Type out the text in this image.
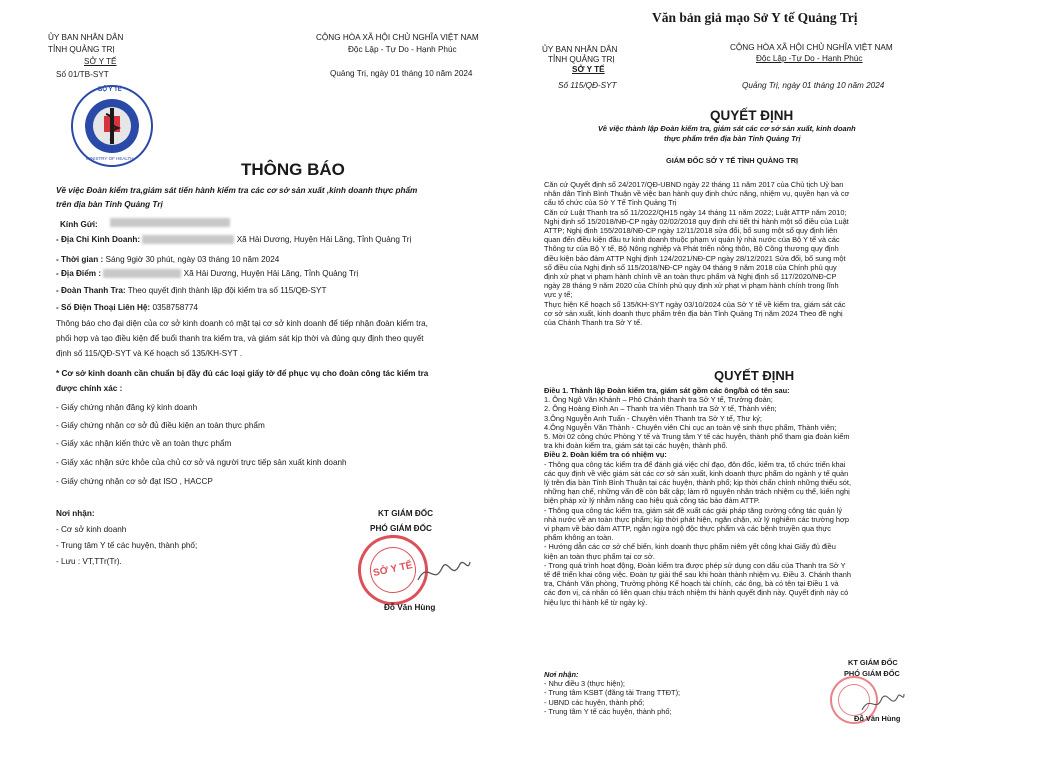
Văn bản giả mạo Sở Y tế Quảng Trị
ỦY BAN NHÂN DÂN
TỈNH QUẢNG TRỊ
SỞ Y TẾ
Số 01/TB-SYT
CỘNG HÒA XÃ HỘI CHỦ NGHĨA VIỆT NAM
Độc Lập - Tự Do - Hạnh Phúc
Quảng Trị, ngày 01 tháng 10 năm 2024
BỘ Y TẾ
MINISTRY OF HEALTH
THÔNG BÁO
Về việc Đoàn kiểm tra,giám sát tiến hành kiểm tra các cơ sở sản xuất ,kinh doanh thực phẩm
trên địa bàn Tỉnh Quảng Trị
Kính Gửi:
- Địa Chỉ Kinh Doanh:	Xã Hải Dương, Huyện Hải Lăng, Tỉnh Quảng Trị
- Thời gian : Sáng 9giờ 30 phút, ngày 03 tháng 10 năm 2024
- Địa Điểm :	Xã Hải Dương, Huyện Hải Lăng, Tỉnh Quảng Trị
- Đoàn Thanh Tra: Theo quyết định thành lập đội kiểm tra số 115/QĐ-SYT
- Số Điện Thoại Liên Hệ: 0358758774
Thông báo cho đại diện của cơ sở kinh doanh có mặt tại cơ sở kinh doanh để tiếp nhận đoàn kiểm tra,
phối hợp và tạo điều kiện để buổi thanh tra kiểm tra, và giám sát kịp thời và đúng quy định theo quyết
định số 115/QĐ-SYT và Kế hoạch số 135/KH-SYT .
* Cơ sở kinh doanh cần chuẩn bị đầy đủ các loại giấy tờ để phục vụ cho đoàn công tác kiểm tra
được chính xác :
- Giấy chứng nhận đăng ký kinh doanh
- Giấy chứng nhận cơ sở đủ điều kiện an toàn thực phẩm
- Giấy xác nhận kiến thức về an toàn thực phẩm
- Giấy xác nhận sức khỏe của chủ cơ sở và người trực tiếp sản xuất kinh doanh
- Giấy chứng nhận cơ sở đạt ISO , HACCP
Nơi nhận:
- Cơ sở kinh doanh
- Trung tâm Y tế các huyện, thành phố;
- Lưu : VT,TTr(Tr).
KT GIÁM ĐỐC
PHÓ GIÁM ĐỐC
SỞ Y TẾ
Đỗ Văn Hùng
ỦY BAN NHÂN DÂN
TỈNH QUẢNG TRỊ
SỞ Y TẾ
Số 115/QĐ-SYT
CỘNG HÒA XÃ HỘI CHỦ NGHĨA VIỆT NAM
Độc Lập -Tự Do - Hạnh Phúc
Quảng Trị, ngày 01 tháng 10 năm 2024
QUYẾT ĐỊNH
Về việc thành lập Đoàn kiểm tra, giám sát các cơ sở sản xuất, kinh doanh
thực phẩm trên địa bàn Tỉnh Quảng Trị
GIÁM ĐỐC SỞ Y TẾ TỈNH QUẢNG TRỊ
Căn cứ Quyết định số 24/2017/QĐ-UBND ngày 22 tháng 11 năm 2017 của Chủ tịch Uỷ ban
nhân dân Tỉnh Bình Thuận về việc ban hành quy định chức năng, nhiệm vụ, quyền hạn và cơ
cấu tổ chức của Sở Y Tế Tỉnh Quảng Trị
Căn cứ Luật Thanh tra số 11/2022/QH15 ngày 14 tháng 11 năm 2022; Luật ATTP năm 2010;
Nghị định số 15/2018/NĐ-CP ngày 02/02/2018 quy định chi tiết thi hành một số điều của Luật
ATTP; Nghị định 155/2018/NĐ-CP ngày 12/11/2018 sửa đổi, bổ sung một số quy định liên
quan đến điều kiện đầu tư kinh doanh thuộc phạm vi quản lý nhà nước của Bộ Y tế và các
Thông tư của Bộ Y tế, Bộ Nông nghiệp và Phát triển nông thôn, Bộ Công thương quy định
điều kiện bảo đảm ATTP Nghị định 124/2021/NĐ-CP ngày 28/12/2021 Sửa đổi, bổ sung một
số điều của Nghị định số 115/2018/NĐ-CP ngày 04 tháng 9 năm 2018 của Chính phủ quy
định xử phạt vi phạm hành chính về an toàn thực phẩm và Nghị định số 117/2020/NĐ-CP
ngày 28 tháng 9 năm 2020 của Chính phủ quy định xử phạt vi phạm hành chính trong lĩnh
vực y tế;
Thực hiện Kế hoạch số 135/KH-SYT ngày 03/10/2024 của Sở Y tế về kiểm tra, giám sát các
cơ sở sản xuất, kinh doanh thực phẩm trên địa bàn Tỉnh Quảng Trị năm 2024 Theo đề nghị
của Chánh Thanh tra Sở Y tế.
QUYẾT ĐỊNH
Điều 1. Thành lập Đoàn kiểm tra, giám sát gồm các ông/bà có tên sau:
1. Ông Ngô Văn Khánh – Phó Chánh thanh tra Sở Y tế, Trưởng đoàn;
2. Ông Hoàng Đình An – Thanh tra viên Thanh tra Sở Y tế, Thành viên;
3.Ông Nguyễn Anh Tuấn - Chuyên viên Thanh tra Sở Y tế, Thư ký;
4.Ông Nguyễn Văn Thành - Chuyên viên Chi cục an toàn vệ sinh thực phẩm, Thành viên;
5. Mời 02 công chức Phòng Y tế và Trung tâm Y tế các huyện, thành phố tham gia đoàn kiểm
tra khi đoàn kiểm tra, giám sát tại các huyện, thành phố.
Điều 2. Đoàn kiểm tra có nhiệm vụ:
- Thông qua công tác kiểm tra để đánh giá việc chỉ đạo, đôn đốc, kiểm tra, tổ chức triển khai
các quy định về việc giám sát các cơ sở sản xuất, kinh doanh thực phẩm do ngành y tế quản
lý trên địa bàn Tỉnh Bình Thuận tại các huyện, thành phố; kịp thời chấn chỉnh những thiếu sót,
những hạn chế, những vấn đề còn bất cập; làm rõ nguyên nhân trách nhiệm cụ thể, kiến nghị
biện pháp xử lý nhằm nâng cao hiệu quả công tác bảo đảm ATTP.
- Thông qua công tác kiểm tra, giám sát đề xuất các giải pháp tăng cường công tác quản lý
nhà nước về an toàn thực phẩm; kịp thời phát hiện, ngăn chặn, xử lý nghiêm các trường hợp
vi phạm về bảo đảm ATTP, ngăn ngừa ngộ độc thực phẩm và các bệnh truyền qua thực
phẩm không an toàn.
- Hướng dẫn các cơ sở chế biến, kinh doanh thực phẩm niêm yết công khai Giấy đủ điều
kiện an toàn thực phẩm tại cơ sở.
- Trong quá trình hoạt động, Đoàn kiểm tra được phép sử dụng con dấu của Thanh tra Sở Y
tế để triển khai công việc. Đoàn tự giải thể sau khi hoàn thành nhiệm vụ. Điều 3. Chánh thanh
tra, Chánh Văn phòng, Trưởng phòng Kế hoạch tài chính, các ông, bà có tên tại Điều 1 và
các đơn vị, cá nhân có liên quan chịu trách nhiệm thi hành quyết định này. Quyết định này có
hiệu lực thi hành kể từ ngày ký.
Nơi nhận:
- Như điều 3 (thực hiện);
- Trung tâm KSBT (đăng tải Trang TTĐT);
- UBND các huyện, thành phố;
- Trung tâm Y tế các huyện, thành phố;
KT GIÁM ĐỐC
PHÓ GIÁM ĐỐC
Đỗ Văn Hùng
